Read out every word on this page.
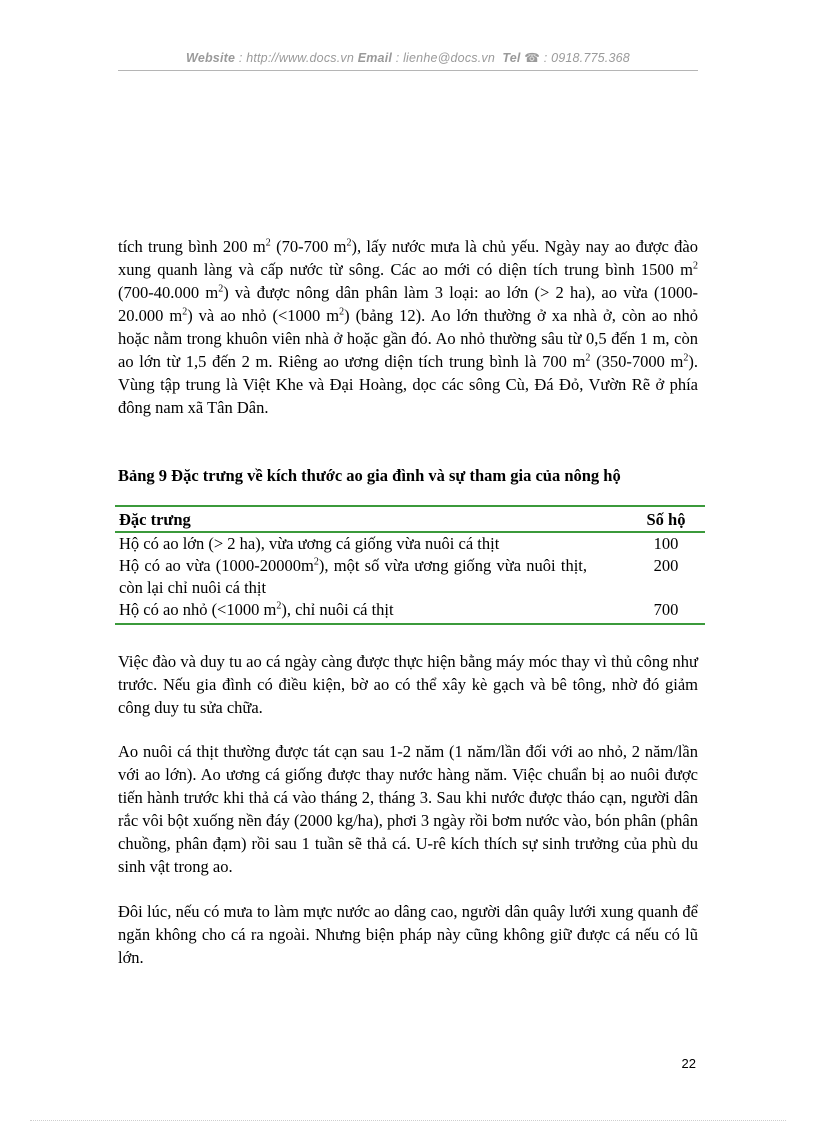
Website : http://www.docs.vn Email : lienhe@docs.vn Tel ☎ : 0918.775.368

tích trung bình 200 $m^2$ (70-700 $m^2$), lấy nước mưa là chủ yếu. Ngày nay ao được đào xung quanh làng và cấp nước từ sông. Các ao mới có diện tích trung bình 1500 $m^2$ (700-40.000 $m^2$) và được nông dân phân làm 3 loại: ao lớn (> 2 ha), ao vừa (1000-20.000 $m^2$) và ao nhỏ (<1000 $m^2$) (bảng 12). Ao lớn thường ở xa nhà ở, còn ao nhỏ hoặc nằm trong khuôn viên nhà ở hoặc gần đó. Ao nhỏ thường sâu từ 0,5 đến 1 m, còn ao lớn từ 1,5 đến 2 m. Riêng ao ương diện tích trung bình là 700 $m^2$ (350-7000 $m^2$). Vùng tập trung là Việt Khe và Đại Hoàng, dọc các sông Cù, Đá Đỏ, Vườn Rẽ ở phía đông nam xã Tân Dân.

Bảng 9 Đặc trưng về kích thước ao gia đình và sự tham gia của nông hộ

Đặc trưng	Số hộ
Hộ có ao lớn (> 2 ha), vừa ương cá giống vừa nuôi cá thịt	100
Hộ có ao vừa $(1000-20000m^2)$, một số vừa ương giống vừa nuôi thịt, còn lại chỉ nuôi cá thịt	200
Hộ có ao nhỏ (<1000 $m^2$), chỉ nuôi cá thịt	700

Việc đào và duy tu ao cá ngày càng được thực hiện bằng máy móc thay vì thủ công như trước. Nếu gia đình có điều kiện, bờ ao có thể xây kè gạch và bê tông, nhờ đó giảm công duy tu sửa chữa.

Ao nuôi cá thịt thường được tát cạn sau 1-2 năm (1 năm/lần đối với ao nhỏ, 2 năm/lần với ao lớn). Ao ương cá giống được thay nước hàng năm. Việc chuẩn bị ao nuôi được tiến hành trước khi thả cá vào tháng 2, tháng 3. Sau khi nước được tháo cạn, người dân rắc vôi bột xuống nền đáy (2000 kg/ha), phơi 3 ngày rồi bơm nước vào, bón phân (phân chuồng, phân đạm) rồi sau 1 tuần sẽ thả cá. U-rê kích thích sự sinh trưởng của phù du sinh vật trong ao.

Đôi lúc, nếu có mưa to làm mực nước ao dâng cao, người dân quây lưới xung quanh để ngăn không cho cá ra ngoài. Nhưng biện pháp này cũng không giữ được cá nếu có lũ lớn.

22
